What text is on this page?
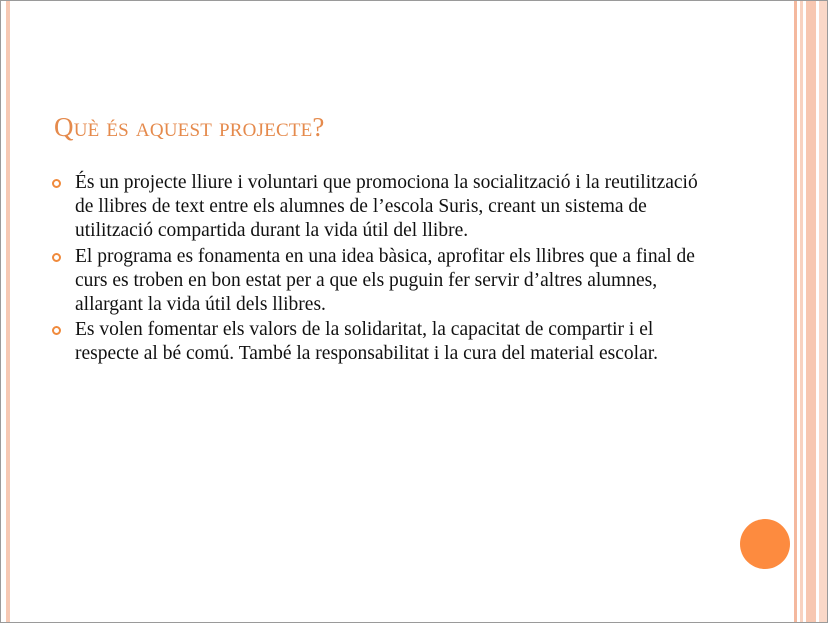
Què és aquest projecte?
És un projecte lliure i voluntari que promociona la socialització i la reutilització de llibres de text entre els alumnes de l’escola Suris, creant un sistema de utilització compartida durant la vida útil del llibre.
El programa es fonamenta en una idea bàsica, aprofitar els llibres que a final de curs es troben en bon estat per a que els puguin fer servir d’altres alumnes, allargant la vida útil dels llibres.
Es volen fomentar els valors de la solidaritat, la capacitat de compartir i el respecte al bé comú. També la responsabilitat i la cura del material escolar.
